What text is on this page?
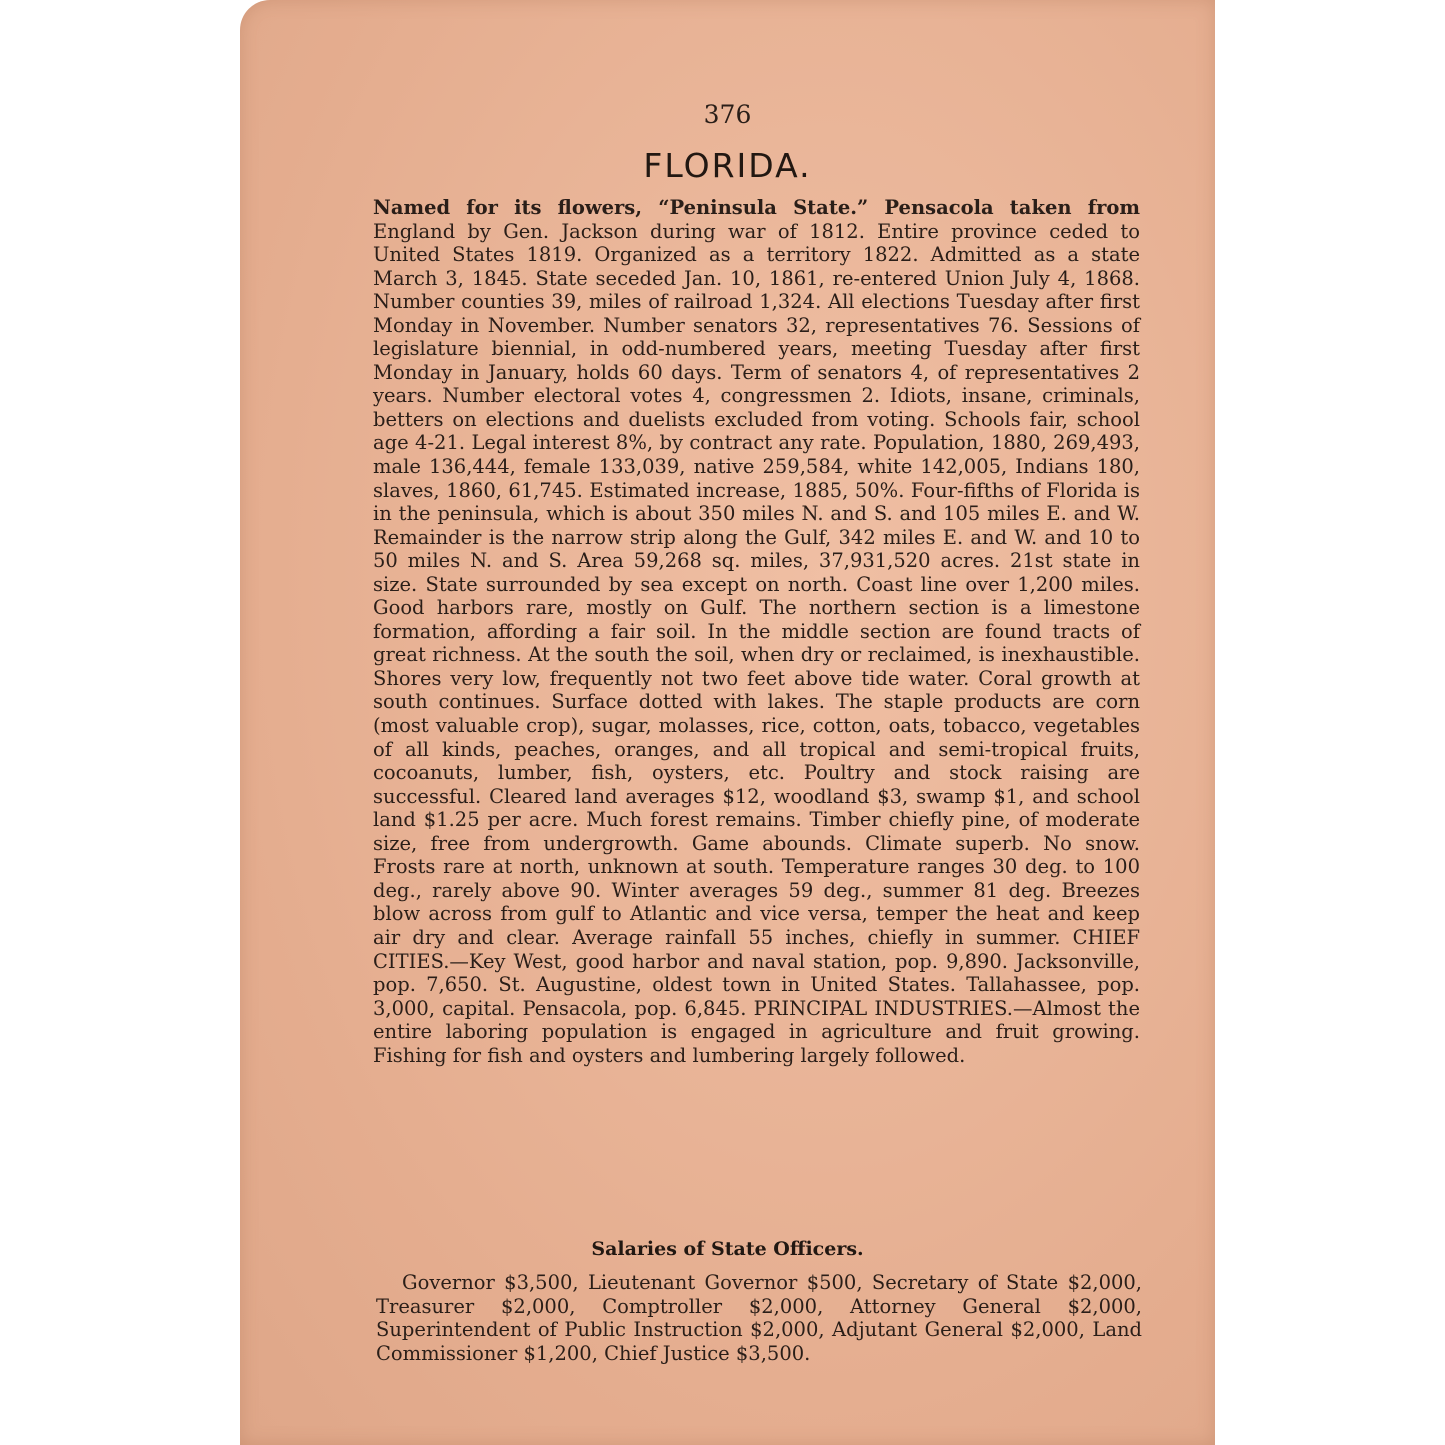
376
FLORIDA.

Named for its flowers, “Peninsula State.” Pensacola taken from England by Gen. Jackson during war of 1812. Entire province ceded to United States 1819. Organized as a territory 1822. Admitted as a state March 3, 1845. State seceded Jan. 10, 1861, re-entered Union July 4, 1868. Number counties 39, miles of railroad 1,324. All elections Tuesday after first Monday in November. Number senators 32, representatives 76. Sessions of legislature biennial, in odd-numbered years, meeting Tuesday after first Monday in January, holds 60 days. Term of senators 4, of representatives 2 years. Number electoral votes 4, congressmen 2. Idiots, insane, criminals, betters on elections and duelists excluded from voting. Schools fair, school age 4-21. Legal interest 8%, by contract any rate. Population, 1880, 269,493, male 136,444, female 133,039, native 259,584, white 142,005, Indians 180, slaves, 1860, 61,745. Estimated increase, 1885, 50%. Four-fifths of Florida is in the peninsula, which is about 350 miles N. and S. and 105 miles E. and W. Remainder is the narrow strip along the Gulf, 342 miles E. and W. and 10 to 50 miles N. and S. Area 59,268 sq. miles, 37,931,520 acres. 21st state in size. State surrounded by sea except on north. Coast line over 1,200 miles. Good harbors rare, mostly on Gulf. The northern section is a limestone formation, affording a fair soil. In the middle section are found tracts of great richness. At the south the soil, when dry or reclaimed, is inexhaustible. Shores very low, frequently not two feet above tide water. Coral growth at south continues. Surface dotted with lakes. The staple products are corn (most valuable crop), sugar, molasses, rice, cotton, oats, tobacco, vegetables of all kinds, peaches, oranges, and all tropical and semi-tropical fruits, cocoanuts, lumber, fish, oysters, etc. Poultry and stock raising are successful. Cleared land averages $12, woodland $3, swamp $1, and school land $1.25 per acre. Much forest remains. Timber chiefly pine, of moderate size, free from undergrowth. Game abounds. Climate superb. No snow. Frosts rare at north, unknown at south. Temperature ranges 30 deg. to 100 deg., rarely above 90. Winter averages 59 deg., summer 81 deg. Breezes blow across from gulf to Atlantic and vice versa, temper the heat and keep air dry and clear. Average rainfall 55 inches, chiefly in summer. CHIEF CITIES.—Key West, good harbor and naval station, pop. 9,890. Jacksonville, pop. 7,650. St. Augustine, oldest town in United States. Tallahassee, pop. 3,000, capital. Pensacola, pop. 6,845. PRINCIPAL INDUSTRIES.—Almost the entire laboring population is engaged in agriculture and fruit growing. Fishing for fish and oysters and lumbering largely followed.

Salaries of State Officers.

Governor $3,500, Lieutenant Governor $500, Secretary of State $2,000, Treasurer $2,000, Comptroller $2,000, Attorney General $2,000, Superintendent of Public Instruction $2,000, Adjutant General $2,000, Land Commissioner $1,200, Chief Justice $3,500.
